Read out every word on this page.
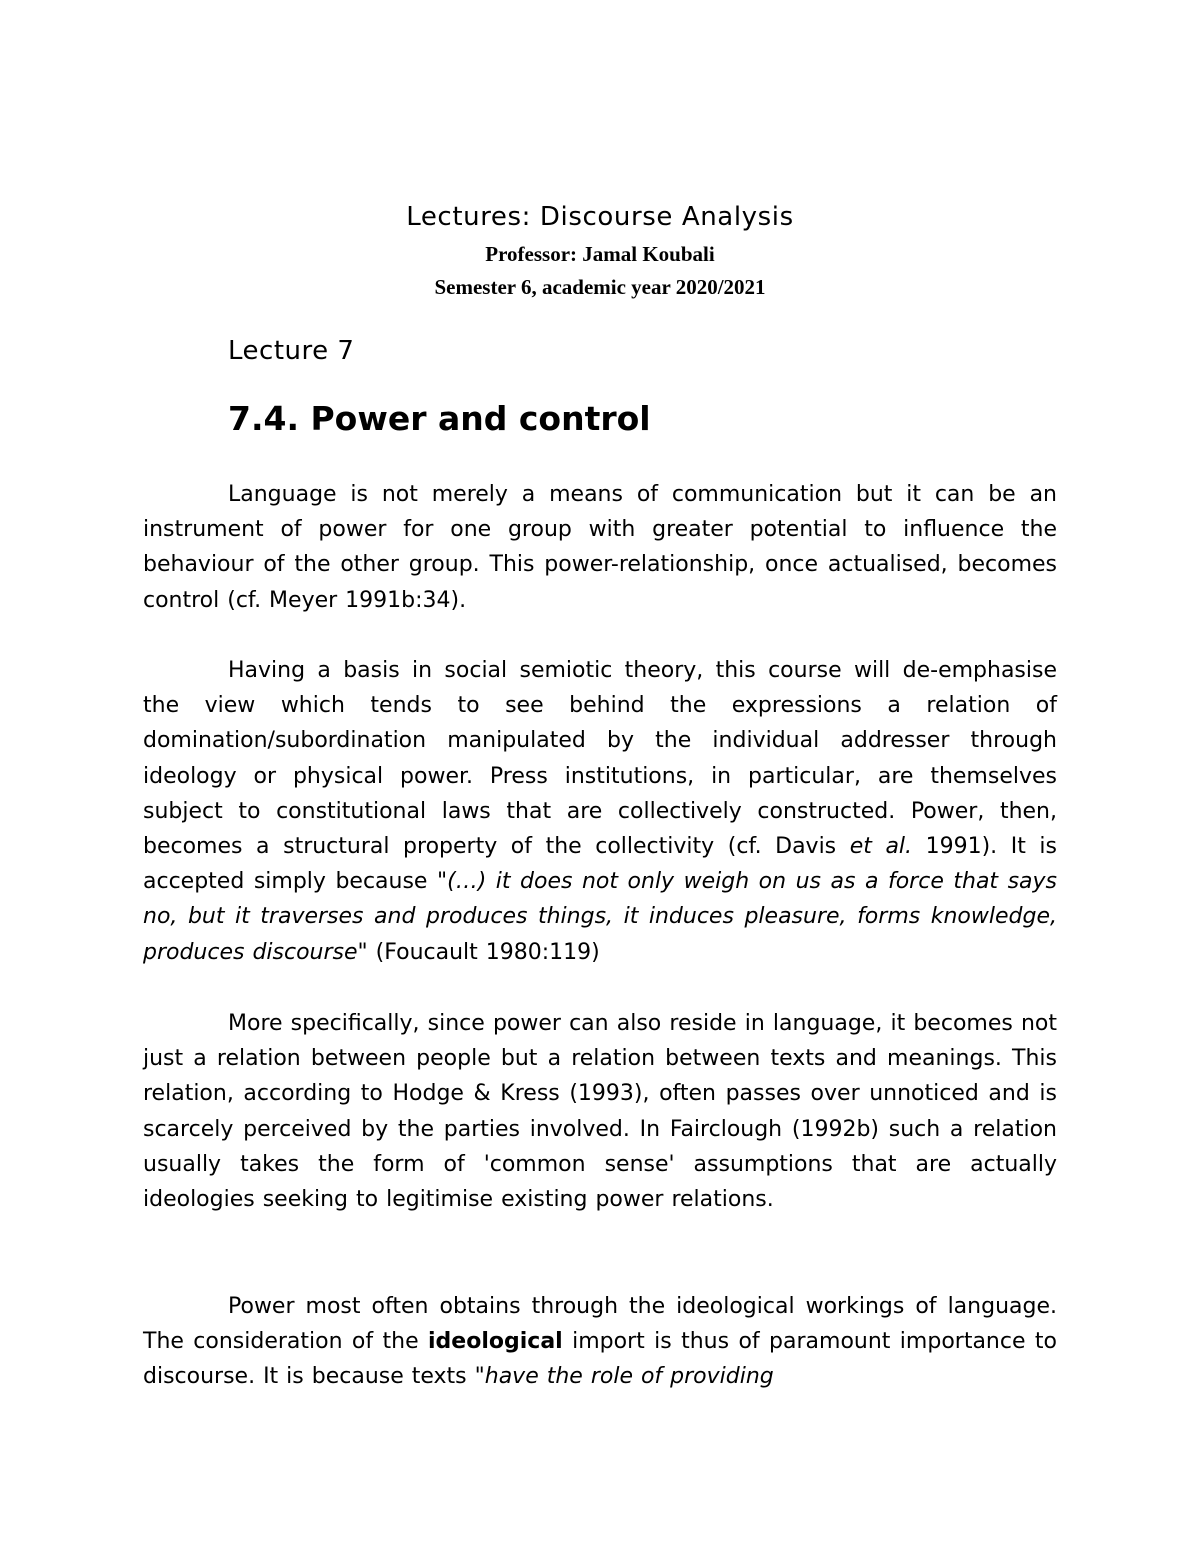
Lectures: Discourse Analysis

Professor: Jamal Koubali

Semester 6, academic year 2020/2021

Lecture 7

7.4. Power and control

Language is not merely a means of communication but it can be an instrument of power for one group with greater potential to influence the behaviour of the other group. This power-relationship, once actualised, becomes control (cf. Meyer 1991b:34).

Having a basis in social semiotic theory, this course will de-emphasise the view which tends to see behind the expressions a relation of domination/subordination manipulated by the individual addresser through ideology or physical power. Press institutions, in particular, are themselves subject to constitutional laws that are collectively constructed. Power, then, becomes a structural property of the collectivity (cf. Davis et al. 1991). It is accepted simply because "(…) it does not only weigh on us as a force that says no, but it traverses and produces things, it induces pleasure, forms knowledge, produces discourse" (Foucault 1980:119)

More specifically, since power can also reside in language, it becomes not just a relation between people but a relation between texts and meanings. This relation, according to Hodge & Kress (1993), often passes over unnoticed and is scarcely perceived by the parties involved. In Fairclough (1992b) such a relation usually takes the form of 'common sense' assumptions that are actually ideologies seeking to legitimise existing power relations.

Power most often obtains through the ideological workings of language. The consideration of the ideological import is thus of paramount importance to discourse. It is because texts "have the role of providing
